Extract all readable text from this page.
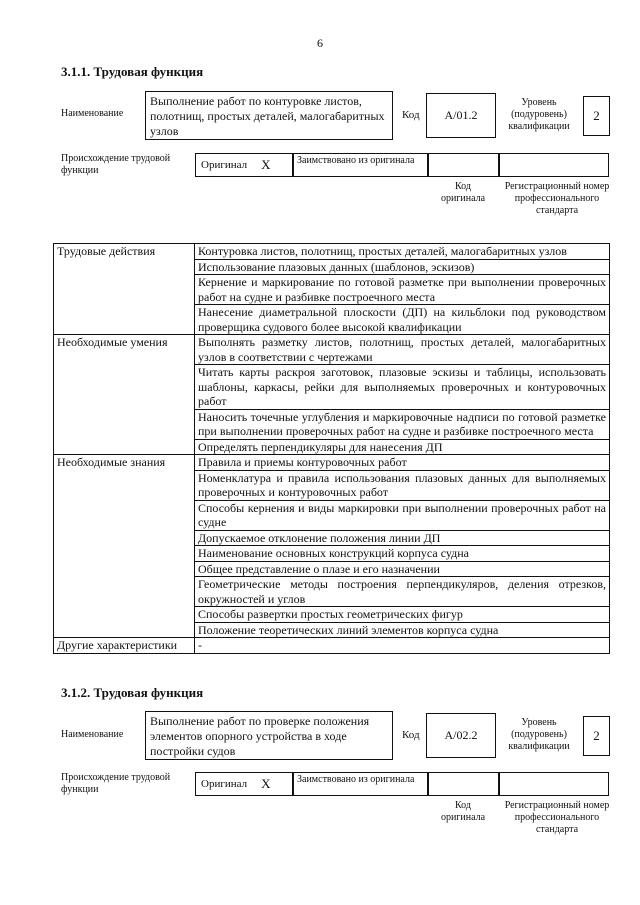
6
3.1.1. Трудовая функция
Наименование
Выполнение работ по контуровке листов, полотнищ, простых деталей, малогабаритных узлов
Код	A/01.2
Уровень (подуровень) квалификации
2
Происхождение трудовой функции	Оригинал X	Заимствовано из оригинала
Код оригинала
Регистрационный номер профессионального стандарта
Трудовые действия	Контуровка листов, полотнищ, простых деталей, малогабаритных узлов
	Использование плазовых данных (шаблонов, эскизов)
	Кернение и маркирование по готовой разметке при выполнении проверочных работ на судне и разбивке построечного места
	Нанесение диаметральной плоскости (ДП) на кильблоки под руководством проверщика судового более высокой квалификации
Необходимые умения	Выполнять разметку листов, полотнищ, простых деталей, малогабаритных узлов в соответствии с чертежами
	Читать карты раскроя заготовок, плазовые эскизы и таблицы, использовать шаблоны, каркасы, рейки для выполняемых проверочных и контуровочных работ
	Наносить точечные углубления и маркировочные надписи по готовой разметке при выполнении проверочных работ на судне и разбивке построечного места
	Определять перпендикуляры для нанесения ДП
Необходимые знания	Правила и приемы контуровочных работ
	Номенклатура и правила использования плазовых данных для выполняемых проверочных и контуровочных работ
	Способы кернения и виды маркировки при выполнении проверочных работ на судне
	Допускаемое отклонение положения линии ДП
	Наименование основных конструкций корпуса судна
	Общее представление о плазе и его назначении
	Геометрические методы построения перпендикуляров, деления отрезков, окружностей и углов
	Способы развертки простых геометрических фигур
	Положение теоретических линий элементов корпуса судна
Другие характеристики	-
3.1.2. Трудовая функция
Наименование
Выполнение работ по проверке положения элементов опорного устройства в ходе постройки судов
Код	A/02.2
Уровень (подуровень) квалификации
2
Происхождение трудовой функции	Оригинал X	Заимствовано из оригинала
Код оригинала
Регистрационный номер профессионального стандарта
